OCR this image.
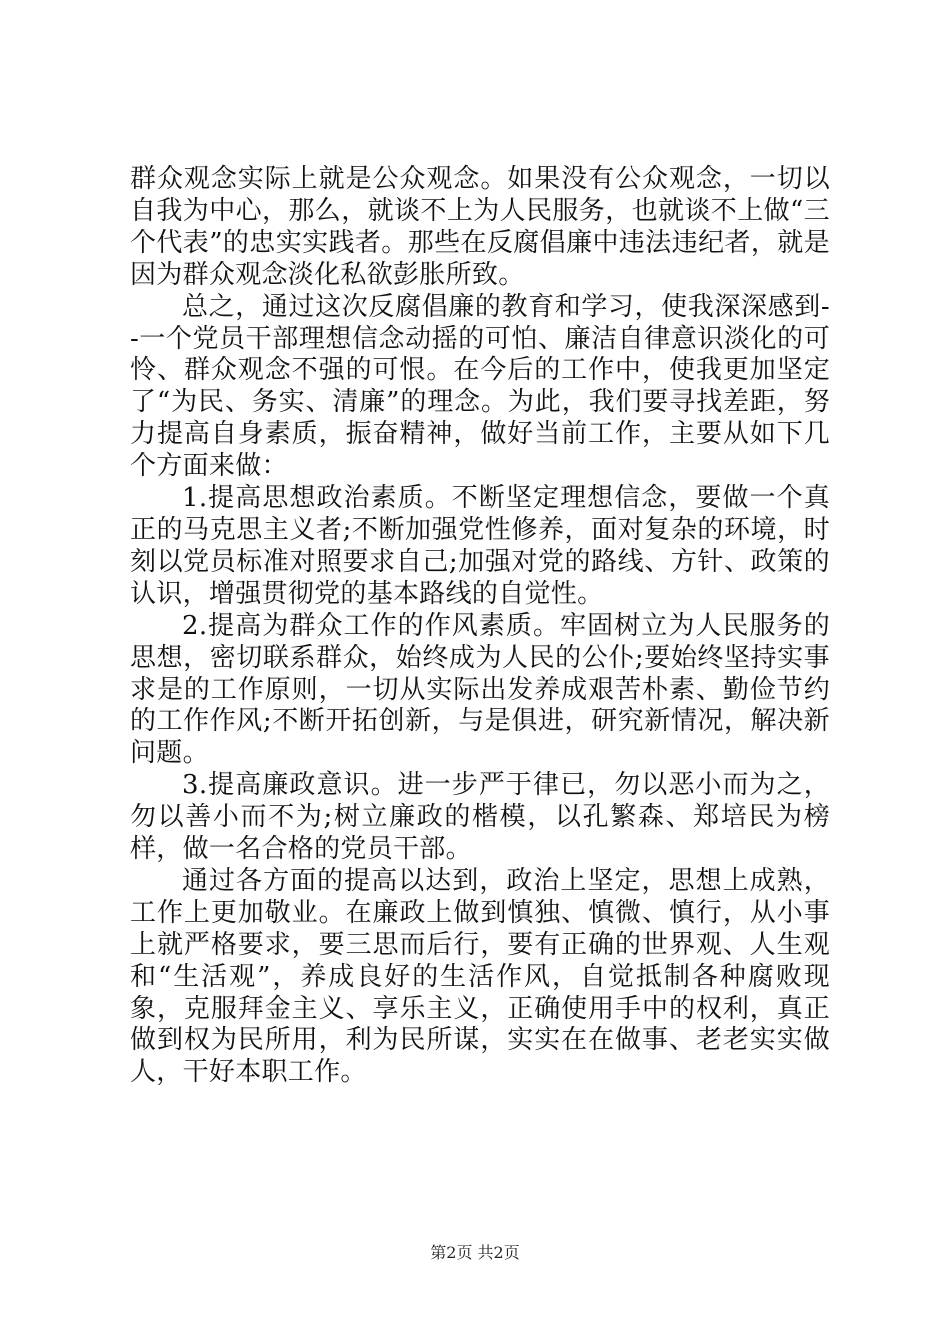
群众观念实际上就是公众观念。如果没有公众观念，一切以自我为中心，那么，就谈不上为人民服务，也就谈不上做“三个代表”的忠实实践者。那些在反腐倡廉中违法违纪者，就是因为群众观念淡化私欲彭胀所致。

总之，通过这次反腐倡廉的教育和学习，使我深深感到--一个党员干部理想信念动摇的可怕、廉洁自律意识淡化的可怜、群众观念不强的可恨。在今后的工作中，使我更加坚定了“为民、务实、清廉”的理念。为此，我们要寻找差距，努力提高自身素质，振奋精神，做好当前工作，主要从如下几个方面来做：

1.提高思想政治素质。不断坚定理想信念，要做一个真正的马克思主义者;不断加强党性修养，面对复杂的环境，时刻以党员标准对照要求自己;加强对党的路线、方针、政策的认识，增强贯彻党的基本路线的自觉性。

2.提高为群众工作的作风素质。牢固树立为人民服务的思想，密切联系群众，始终成为人民的公仆;要始终坚持实事求是的工作原则，一切从实际出发养成艰苦朴素、勤俭节约的工作作风;不断开拓创新，与是俱进，研究新情况，解决新问题。

3.提高廉政意识。进一步严于律已，勿以恶小而为之，勿以善小而不为;树立廉政的楷模，以孔繁森、郑培民为榜样，做一名合格的党员干部。

通过各方面的提高以达到，政治上坚定，思想上成熟，工作上更加敬业。在廉政上做到慎独、慎微、慎行，从小事上就严格要求，要三思而后行，要有正确的世界观、人生观和“生活观”，养成良好的生活作风，自觉抵制各种腐败现象，克服拜金主义、享乐主义，正确使用手中的权利，真正做到权为民所用，利为民所谋，实实在在做事、老老实实做人，干好本职工作。

第2页 共2页
